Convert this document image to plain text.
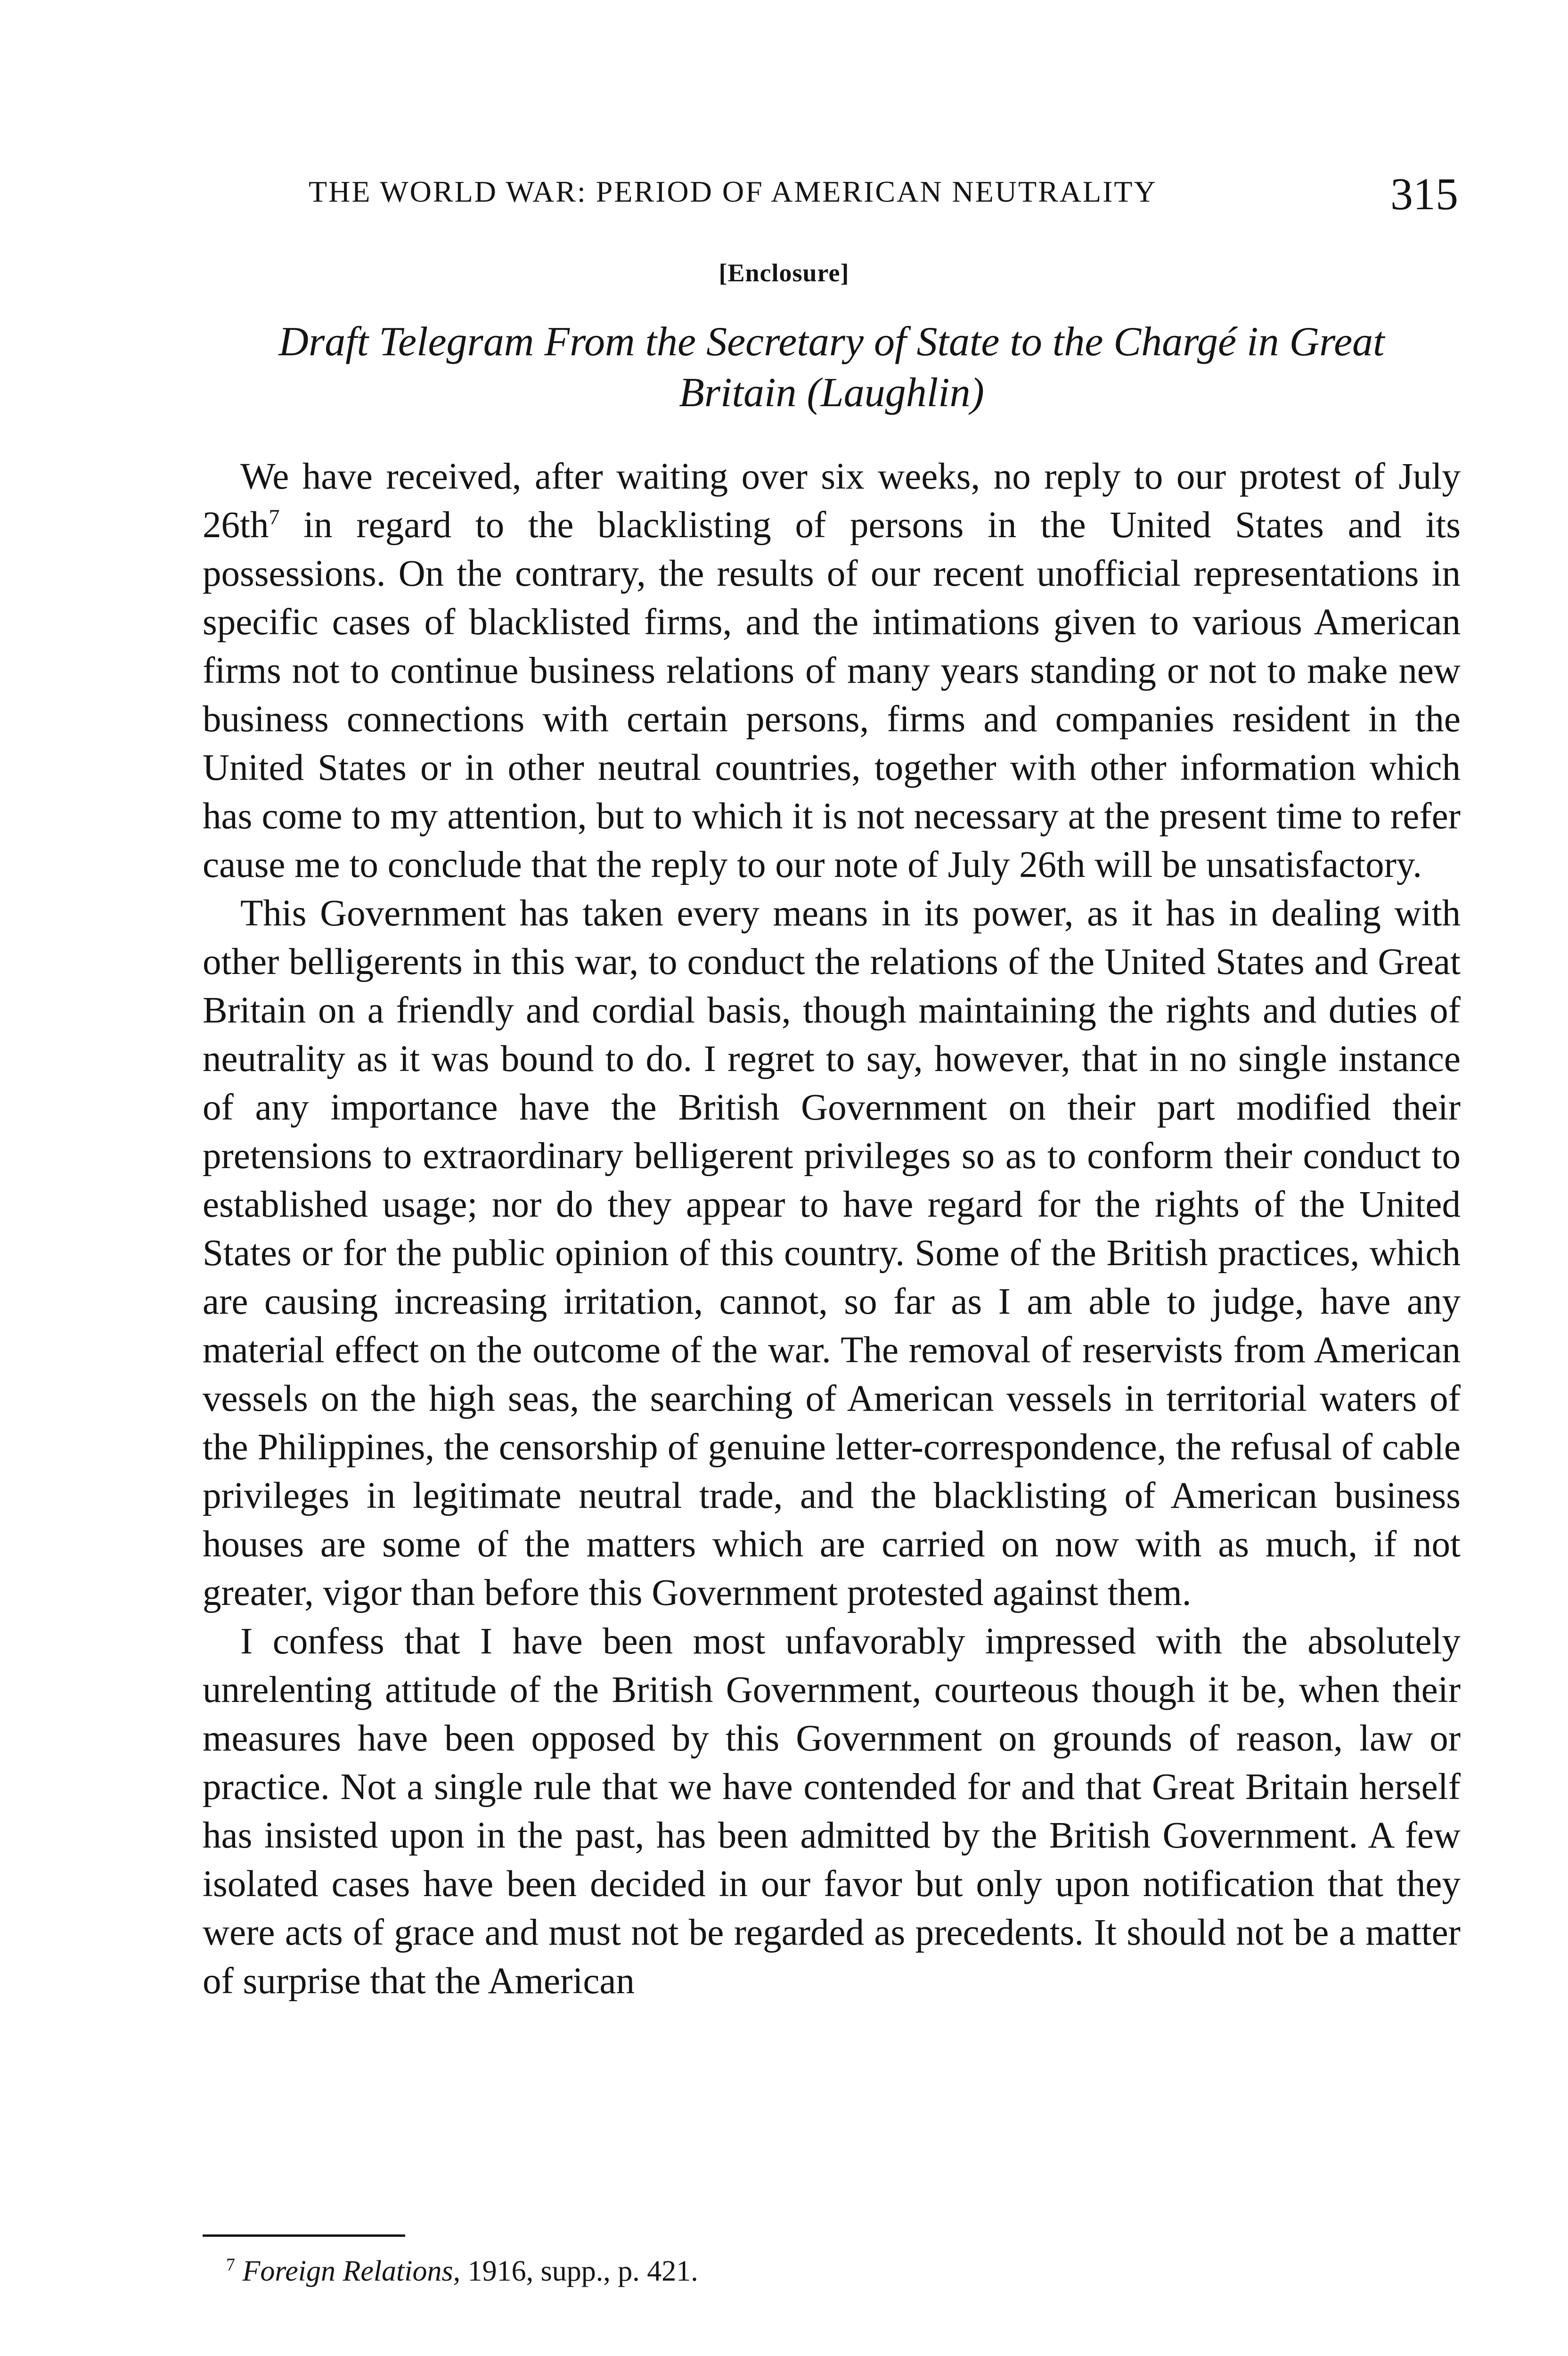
THE WORLD WAR: PERIOD OF AMERICAN NEUTRALITY	315
[Enclosure]
Draft Telegram From the Secretary of State to the Chargé in Great
Britain (Laughlin)

We have received, after waiting over six weeks, no reply to our protest of July $26th^7$ in regard to the blacklisting of persons in the United States and its possessions. On the contrary, the results of our recent unofficial representations in specific cases of blacklisted firms, and the intimations given to various American firms not to continue business relations of many years standing or not to make new business connections with certain persons, firms and companies resident in the United States or in other neutral countries, together with other information which has come to my attention, but to which it is not necessary at the present time to refer cause me to conclude that the reply to our note of July 26th will be unsatisfactory.

This Government has taken every means in its power, as it has in dealing with other belligerents in this war, to conduct the relations of the United States and Great Britain on a friendly and cordial basis, though maintaining the rights and duties of neutrality as it was bound to do. I regret to say, however, that in no single instance of any importance have the British Government on their part modified their pretensions to extraordinary belligerent privileges so as to conform their conduct to established usage; nor do they appear to have regard for the rights of the United States or for the public opinion of this country. Some of the British practices, which are causing increasing irritation, cannot, so far as I am able to judge, have any material effect on the outcome of the war. The removal of reservists from American vessels on the high seas, the searching of American vessels in territorial waters of the Philippines, the censorship of genuine letter-correspondence, the refusal of cable privileges in legitimate neutral trade, and the blacklisting of American business houses are some of the matters which are carried on now with as much, if not greater, vigor than before this Government protested against them.

I confess that I have been most unfavorably impressed with the absolutely unrelenting attitude of the British Government, courteous though it be, when their measures have been opposed by this Government on grounds of reason, law or practice. Not a single rule that we have contended for and that Great Britain herself has insisted upon in the past, has been admitted by the British Government. A few isolated cases have been decided in our favor but only upon notification that they were acts of grace and must not be regarded as precedents. It should not be a matter of surprise that the American

$^7$ Foreign Relations, 1916, supp., p. 421.
